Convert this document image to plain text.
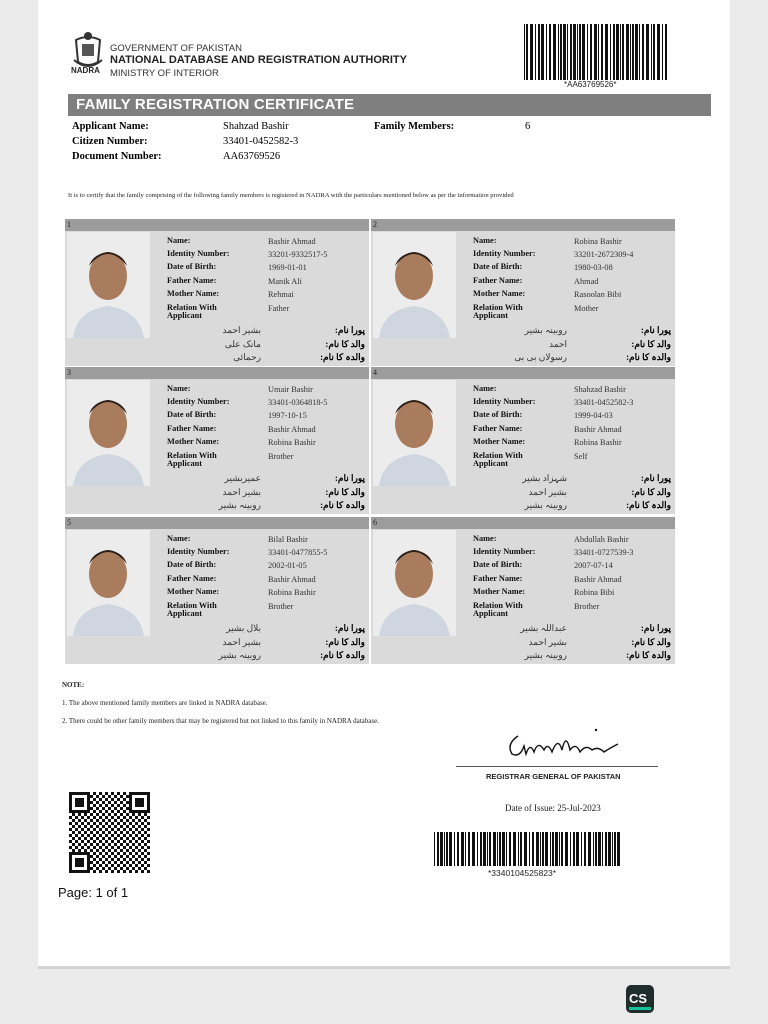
NADRA
GOVERNMENT OF PAKISTAN
NATIONAL DATABASE AND REGISTRATION AUTHORITY
MINISTRY OF INTERIOR
*AA63769526*
FAMILY REGISTRATION CERTIFICATE
Applicant Name:	Shahzad Bashir	Family Members:	6
Citizen Number:	33401-0452582-3
Document Number:	AA63769526
It is to certify that the family comprising of the following family members is registered in NADRA with the particulars mentioned below as per the information provided
1
Name:	Bashir Ahmad
Identity Number:	33201-9332517-5
Date of Birth:	1969-01-01
Father Name:	Manik Ali
Mother Name:	Rehmai
Relation With	Father
Applicant
پورا نام:
بشیر احمد
والد کا نام:
مانک علی
والدہ کا نام:
رحمائی
2
Name:	Robina Bashir
Identity Number:	33201-2672309-4
Date of Birth:	1980-03-08
Father Name:	Ahmad
Mother Name:	Rasoolan Bibi
Relation With	Mother
Applicant
پورا نام:
روبینہ بشیر
والد کا نام:
احمد
والدہ کا نام:
رسولاں بی بی
3
Name:	Umair Bashir
Identity Number:	33401-0364818-5
Date of Birth:	1997-10-15
Father Name:	Bashir Ahmad
Mother Name:	Robina Bashir
Relation With	Brother
Applicant
پورا نام:
عمیربشیر
والد کا نام:
بشیر احمد
والدہ کا نام:
روبینہ بشیر
4
Name:	Shahzad Bashir
Identity Number:	33401-0452582-3
Date of Birth:	1999-04-03
Father Name:	Bashir Ahmad
Mother Name:	Robina Bashir
Relation With	Self
Applicant
پورا نام:
شہزاد بشیر
والد کا نام:
بشیر احمد
والدہ کا نام:
روبینہ بشیر
5
Name:	Bilal Bashir
Identity Number:	33401-0477855-5
Date of Birth:	2002-01-05
Father Name:	Bashir Ahmad
Mother Name:	Robina Bashir
Relation With	Brother
Applicant
پورا نام:
بلال بشیر
والد کا نام:
بشیر احمد
والدہ کا نام:
روبینہ بشیر
6
Name:	Abdullah Bashir
Identity Number:	33401-0727539-3
Date of Birth:	2007-07-14
Father Name:	Bashir Ahmad
Mother Name:	Robina Bibi
Relation With	Brother
Applicant
پورا نام:
عبداللہ بشیر
والد کا نام:
بشیر احمد
والدہ کا نام:
روبینہ بشیر
NOTE:
1. The above mentioned family members are linked in NADRA database.
2. There could be other family members that may be registered but not linked to this family in NADRA database.
REGISTRAR GENERAL OF PAKISTAN
Date of Issue: 25-Jul-2023
*3340104525823*
Page: 1 of 1
CS
